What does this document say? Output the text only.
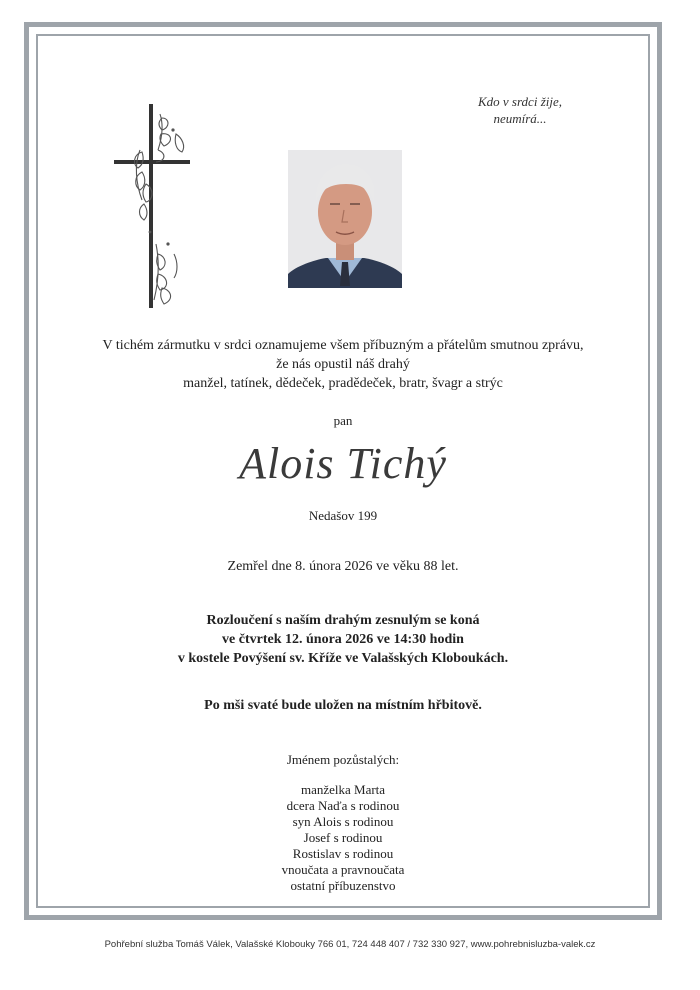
Kdo v srdci žije,
neumírá...
V tichém zármutku v srdci oznamujeme všem příbuzným a přátelům smutnou zprávu,
že nás opustil náš drahý
manžel, tatínek, dědeček, pradědeček, bratr, švagr a strýc
pan
Alois Tichý
Nedašov 199
Zemřel dne 8. února 2026 ve věku 88 let.
Rozloučení s naším drahým zesnulým se koná
ve čtvrtek 12. února 2026 ve 14:30 hodin
v kostele Povýšení sv. Kříže ve Valašských Kloboukách.
Po mši svaté bude uložen na místním hřbitově.
Jménem pozůstalých:
manželka Marta
dcera Naďa s rodinou
syn Alois s rodinou
Josef s rodinou
Rostislav s rodinou
vnoučata a pravnoučata
ostatní příbuzenstvo
Pohřební služba Tomáš Válek, Valašské Klobouky 766 01, 724 448 407 / 732 330 927, www.pohrebnisluzba-valek.cz
